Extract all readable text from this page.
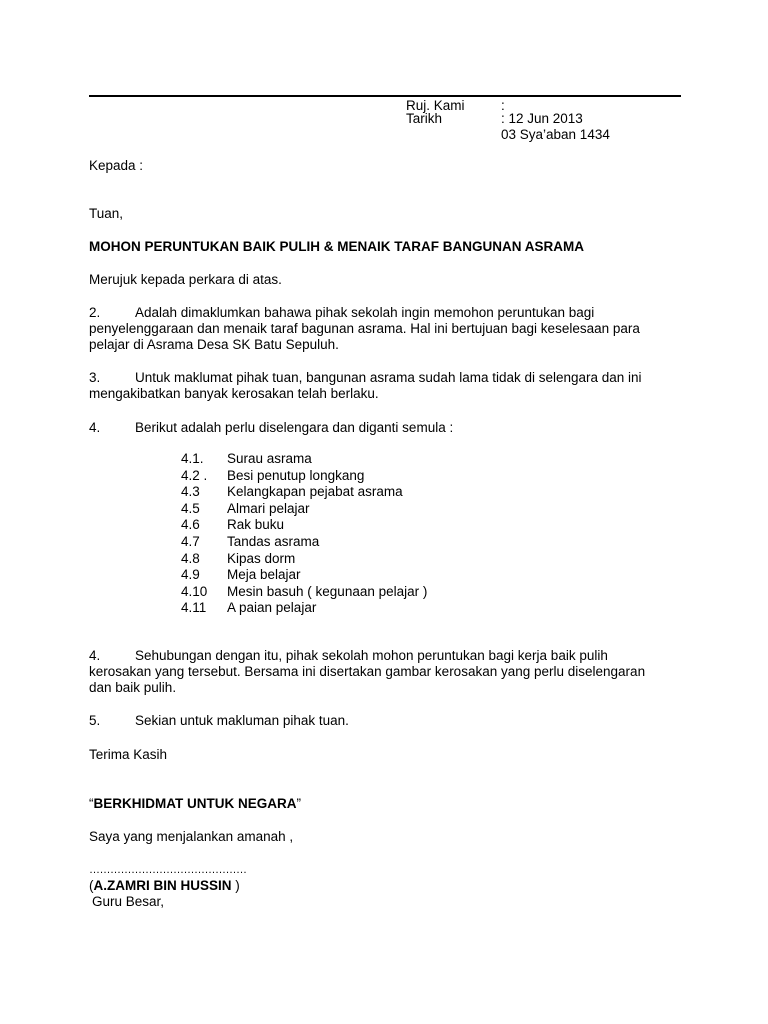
Ruj. Kami	:
Tarikh	: 12 Jun 2013
03 Sya’aban 1434
Kepada :
Tuan,
MOHON PERUNTUKAN BAIK PULIH & MENAIK TARAF BANGUNAN ASRAMA
Merujuk kepada perkara di atas.
2.	Adalah dimaklumkan bahawa pihak sekolah ingin memohon peruntukan bagi
penyelenggaraan dan menaik taraf bagunan asrama. Hal ini bertujuan bagi keselesaan para
pelajar di Asrama Desa SK Batu Sepuluh.
3.	Untuk maklumat pihak tuan, bangunan asrama sudah lama tidak di selengara dan ini
mengakibatkan banyak kerosakan telah berlaku.
4.	Berikut adalah perlu diselengara dan diganti semula :
4.1. Surau asrama
4.2 . Besi penutup longkang
4.3 Kelangkapan pejabat asrama
4.5 Almari pelajar
4.6 Rak buku
4.7 Tandas asrama
4.8 Kipas dorm
4.9 Meja belajar
4.10 Mesin basuh ( kegunaan pelajar )
4.11 A paian pelajar
4.	Sehubungan dengan itu, pihak sekolah mohon peruntukan bagi kerja baik pulih
kerosakan yang tersebut. Bersama ini disertakan gambar kerosakan yang perlu diselengaran
dan baik pulih.
5.	Sekian untuk makluman pihak tuan.
Terima Kasih
“BERKHIDMAT UNTUK NEGARA”
Saya yang menjalankan amanah ,
………………………………………
(A.ZAMRI BIN HUSSIN )
Guru Besar,
